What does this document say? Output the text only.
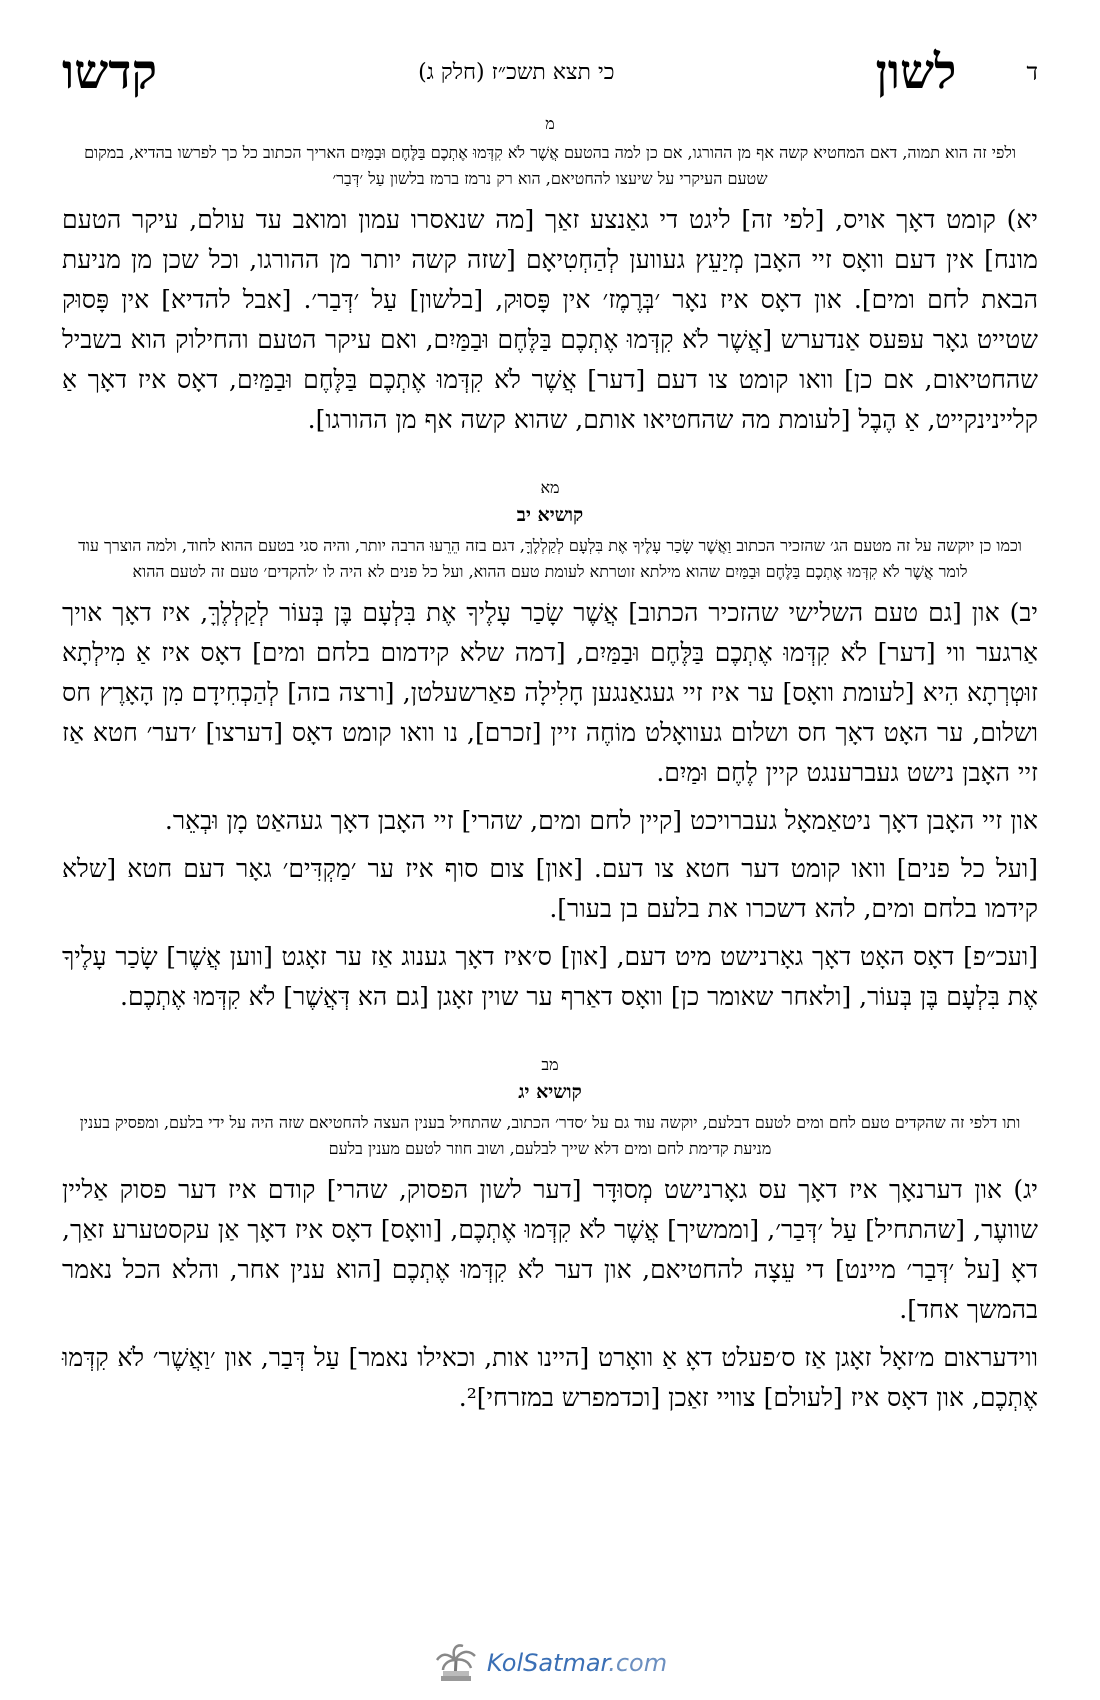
ד
לשון
כי תצא תשכ״ז (חלק ג)
קדשו
מ
ולפי זה הוא תמוה, דאם המחטיא קשה אף מן ההורגו, אם כן למה בהטעם אֲשֶׁר לֹא קִדְּמוּ אֶתְכֶם בַּלֶּחֶם וּבַמַּיִם האריך הכתוב כל כך לפרשו בהדיא, במקום שטעם העיקרי על שיעצו להחטיאם, הוא רק נרמז ברמז בלשון עַל ׳דְּבַר׳

יא) קומט דאָך אויס, [לפי זה] ליגט די גאַנצע זאַך [מה שנאסרו עמון ומואב עד עולם, עיקר הטעם מונח] אין דעם וואָס זיי האָבן מְיַעֵץ געווען לְהַחְטִיאָם [שזה קשה יותר מן ההורגו, וכל שכן מן מניעת הבאת לחם ומים]. און דאָס איז נאָר ׳בְּרֶמֶז׳ אין פָּסוּק, [בלשון] עַל ׳דְּבַר׳. [אבל להדיא] אין פָּסוּק שטייט גאָר עפּעס אַנדערש [אֲשֶׁר לֹא קִדְּמוּ אֶתְכֶם בַּלֶּחֶם וּבַמַּיִם, ואם עיקר הטעם והחילוק הוא בשביל שהחטיאום, אם כן] וואו קומט צו דעם [דער] אֲשֶׁר לֹא קִדְּמוּ אֶתְכֶם בַּלֶּחֶם וּבַמַּיִם, דאָס איז דאָך אַ קליינינקייט, אַ הֶבֶל [לעומת מה שהחטיאו אותם, שהוא קשה אף מן ההורגו].

מא
קושיא יב
וכמו כן יוקשה על זה מטעם הג׳ שהזכיר הכתוב וַאֲשֶׁר שָׂכַר עָלֶיךָ אֶת בִּלְעָם לְקַלְלֶךָּ, דגם בזה הֵרֵעוּ הרבה יותר, והיה סגי בטעם ההוא לחוד, ולמה הוצרך עוד לומר אֲשֶׁר לֹא קִדְּמוּ אֶתְכֶם בַּלֶּחֶם וּבַמַּיִם שהוא מילתא זוטרתא לעומת טעם ההוא, ועל כל פנים לא היה לו ׳להקדים׳ טעם זה לטעם ההוא

יב) און [גם טעם השלישי שהזכיר הכתוב] אֲשֶׁר שָׂכַר עָלֶיךָ אֶת בִּלְעָם בֶּן בְּעוֹר לְקַלְלֶךָּ, איז דאָך אויך אַרגער ווי [דער] לֹא קִדְּמוּ אֶתְכֶם בַּלֶּחֶם וּבַמַּיִם, [דמה שלא קידמום בלחם ומים] דאָס איז אַ מִילְתָא זוּטְרְתָא הִיא [לעומת וואָס] ער איז זיי געגאַנגען חָלִילָה פאַרשעלטן, [ורצה בזה] לְהַכְחִידָם מִן הָאָרֶץ חס ושלום, ער האָט דאָך חס ושלום געוואָלט מוֹחֶה זיין [זכרם], נו וואו קומט דאָס [דערצו] ׳דער׳ חטא אַז זיי האָבן נישט געברענגט קיין לֶחֶם וּמַיִם.

און זיי האָבן דאָך ניטאַמאָל געברויכט [קיין לחם ומים, שהרי] זיי האָבן דאָך געהאַט מָן וּבְאֵר.

[ועל כל פנים] וואו קומט דער חטא צו דעם. [און] צום סוף איז ער ׳מַקְדִּים׳ גאָר דעם חטא [שלא קידמו בלחם ומים, להא דשכרו את בלעם בן בעור].

[ועכ״פ] דאָס האָט דאָך גאָרנישט מיט דעם, [און] ס׳איז דאָך גענוג אַז ער זאָגט [ווען אֲשֶׁר] שָׂכַר עָלֶיךָ אֶת בִּלְעָם בֶּן בְּעוֹר, [ולאחר שאומר כן] וואָס דאַרף ער שוין זאָגן [גם הא דְּאֲשֶׁר] לֹא קִדְּמוּ אֶתְכֶם.

מב
קושיא יג
ותו דלפי זה שהקדים טעם לחם ומים לטעם דבלעם, יוקשה עוד גם על ׳סדר׳ הכתוב, שהתחיל בענין העצה להחטיאם שזה היה על ידי בלעם, ומפסיק בענין מניעת קדימת לחם ומים דלא שייך לבלעם, ושוב חוזר לטעם מענין בלעם

יג) און דערנאָך איז דאָך עס גאָרנישט מְסוּדָּר [דער לשון הפסוק, שהרי] קודם איז דער פסוק אַליין שוועֶר, [שהתחיל] עַל ׳דְּבַר׳, [וממשיך] אֲשֶׁר לֹא קִדְּמוּ אֶתְכֶם, [וואָס] דאָס איז דאָך אַן עקסטערע זאַך, דאָ [על ׳דְּבַר׳ מיינט] די עֵצָה להחטיאם, און דער לֹא קִדְּמוּ אֶתְכֶם [הוא ענין אחר, והלא הכל נאמר בהמשך אחד].

ווידעראום מ׳זאָל זאָגן אַז ס׳פעלט דאָ אַ וואָרט [היינו אות, וכאילו נאמר] עַל דְּבַר, און ׳וַאֲשֶׁר׳ לֹא קִדְּמוּ אֶתְכֶם, און דאָס איז [לעולם] צוויי זאַכן [וכדמפרש במזרחי]².

KolSatmar.com
